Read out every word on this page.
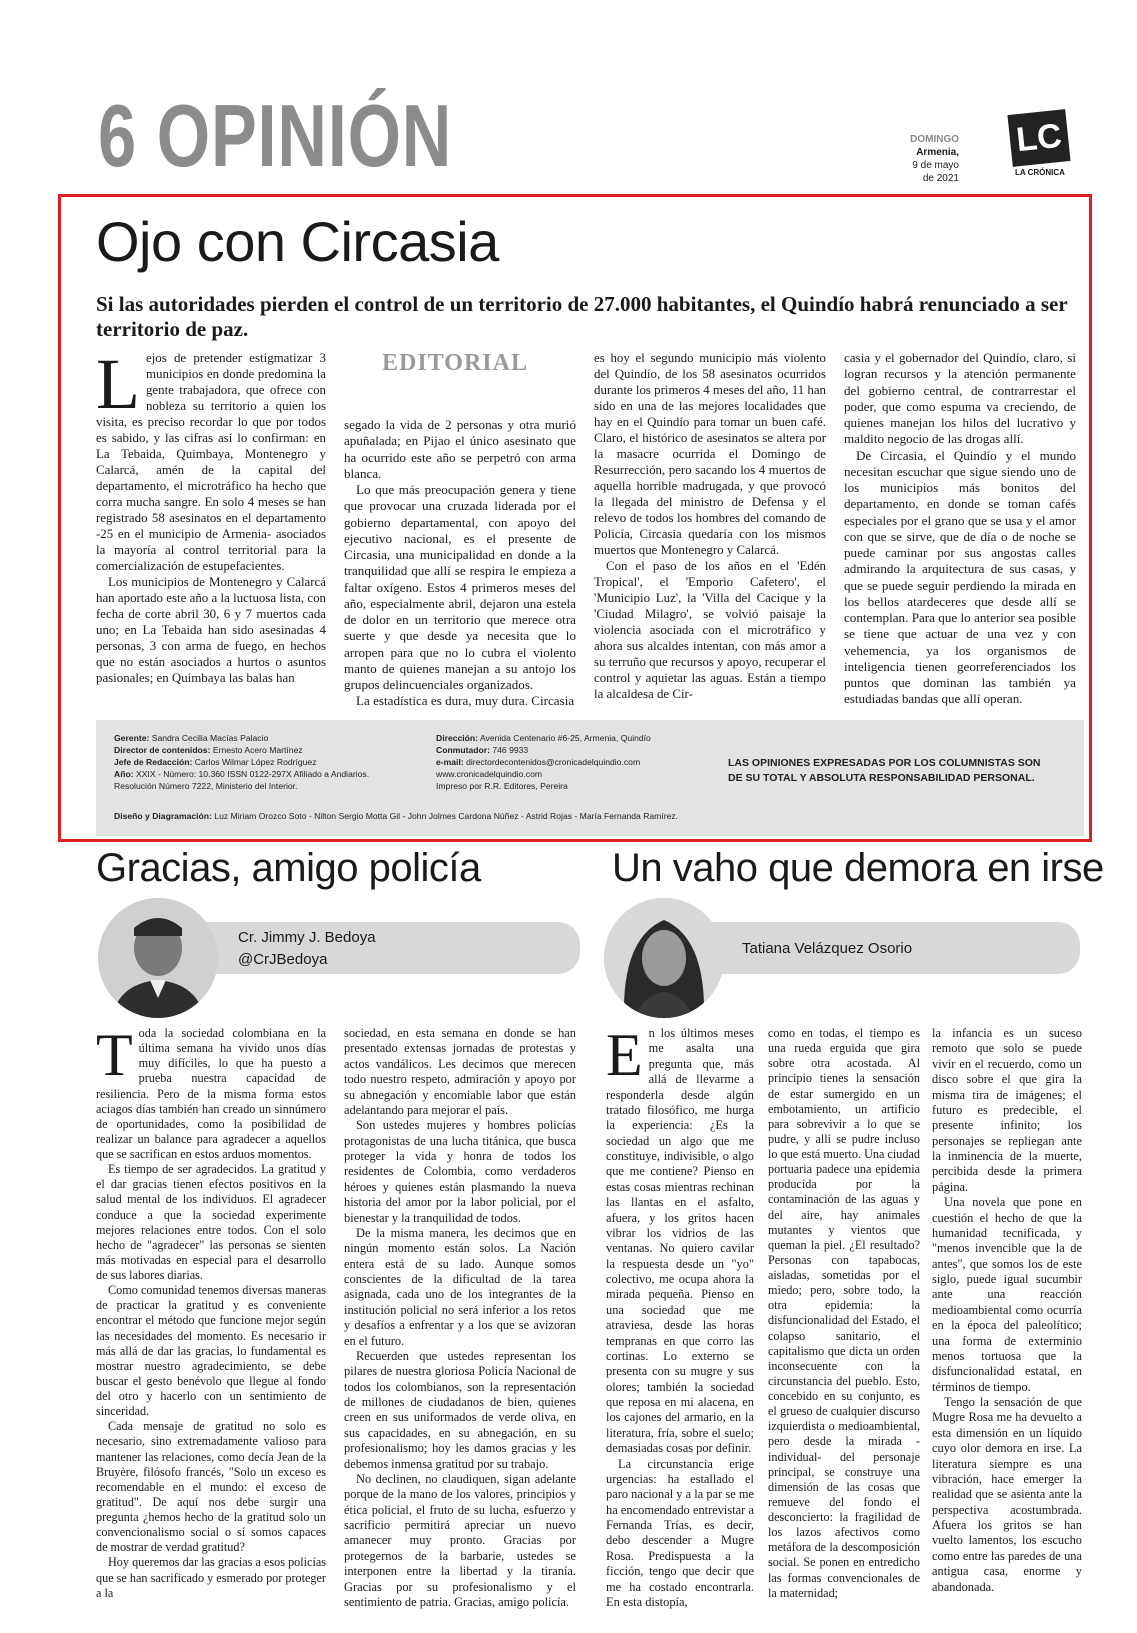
6 OPINIÓN	DOMINGO
Armenia,
9 de mayo
de 2021
LC
LA CRÓNICA
Ojo con Circasia
Si las autoridades pierden el control de un territorio de 27.000 habitantes, el Quindío habrá renunciado a ser territorio de paz.
EDITORIAL
L ejos de pretender estigmatizar 3 municipios en donde predomina la gente trabajadora, que ofrece con nobleza su territorio a quien los visita, es preciso recordar lo que por todos es sabido, y las cifras así lo confirman: en La Tebaida, Quimbaya, Montenegro y Calarcá, amén de la capital del departamento, el microtráfico ha hecho que corra mucha sangre. En solo 4 meses se han registrado 58 asesinatos en el departamento -25 en el municipio de Armenia- asociados la mayoría al control territorial para la comercialización de estupefacientes.

Los municipios de Montenegro y Calarcá han aportado este año a la luctuosa lista, con fecha de corte abril 30, 6 y 7 muertos cada uno; en La Tebaida han sido asesinadas 4 personas, 3 con arma de fuego, en hechos que no están asociados a hurtos o asuntos pasionales; en Quimbaya las balas han

segado la vida de 2 personas y otra murió apuñalada; en Pijao el único asesinato que ha ocurrido este año se perpetró con arma blanca.

Lo que más preocupación genera y tiene que provocar una cruzada liderada por el gobierno departamental, con apoyo del ejecutivo nacional, es el presente de Circasia, una municipalidad en donde a la tranquilidad que allí se respira le empieza a faltar oxígeno. Estos 4 primeros meses del año, especialmente abril, dejaron una estela de dolor en un territorio que merece otra suerte y que desde ya necesita que lo arropen para que no lo cubra el violento manto de quienes manejan a su antojo los grupos delincuenciales organizados.

La estadística es dura, muy dura. Circasia

es hoy el segundo municipio más violento del Quindío, de los 58 asesinatos ocurridos durante los primeros 4 meses del año, 11 han sido en una de las mejores localidades que hay en el Quindío para tomar un buen café. Claro, el histórico de asesinatos se altera por la masacre ocurrida el Domingo de Resurrección, pero sacando los 4 muertos de aquella horrible madrugada, y que provocó la llegada del ministro de Defensa y el relevo de todos los hombres del comando de Policía, Circasia quedaría con los mismos muertos que Montenegro y Calarcá.

Con el paso de los años en el 'Edén Tropical', el 'Emporio Cafetero', el 'Municipio Luz', la 'Villa del Cacique y la 'Ciudad Milagro', se volvió paisaje la violencia asociada con el microtráfico y ahora sus alcaldes intentan, con más amor a su terruño que recursos y apoyo, recuperar el control y aquietar las aguas. Están a tiempo la alcaldesa de Cir-

casia y el gobernador del Quindío, claro, si logran recursos y la atención permanente del gobierno central, de contrarrestar el poder, que como espuma va creciendo, de quienes manejan los hilos del lucrativo y maldito negocio de las drogas allí.

De Circasia, el Quindío y el mundo necesitan escuchar que sigue siendo uno de los municipios más bonitos del departamento, en donde se toman cafés especiales por el grano que se usa y el amor con que se sirve, que de día o de noche se puede caminar por sus angostas calles admirando la arquitectura de sus casas, y que se puede seguir perdiendo la mirada en los bellos atardeceres que desde allí se contemplan. Para que lo anterior sea posible se tiene que actuar de una vez y con vehemencia, ya los organismos de inteligencia tienen georreferenciados los puntos que dominan las también ya estudiadas bandas que allí operan.

Gerente: Sandra Cecilia Macías Palacio
Director de contenidos: Ernesto Acero Martínez
Jefe de Redacción: Carlos Wilmar López Rodríguez
Año: XXIX - Número: 10.360 ISSN 0122-297X Afiliado a Andiarios.
Resolución Número 7222, Ministerio del Interior.
Dirección: Avenida Centenario #6-25, Armenia, Quindío
Conmutador: 746 9933
e-mail: directordecontenidos@cronicadelquindio.com
www.cronicadelquindio.com
Impreso por R.R. Editores, Pereira
LAS OPINIONES EXPRESADAS POR LOS COLUMNISTAS SON DE SU TOTAL Y ABSOLUTA RESPONSABILIDAD PERSONAL.
Diseño y Diagramación: Luz Miriam Orozco Soto - Nilton Sergio Motta Gil - John Jolmes Cardona Núñez - Astrid Rojas - María Fernanda Ramírez.
Gracias, amigo policía
Cr. Jimmy J. Bedoya
@CrJBedoya
T oda la sociedad colombiana en la última semana ha vivido unos días muy difíciles, lo que ha puesto a prueba nuestra capacidad de resiliencia. Pero de la misma forma estos aciagos días también han creado un sinnúmero de oportunidades, como la posibilidad de realizar un balance para agradecer a aquellos que se sacrifican en estos arduos momentos.

Es tiempo de ser agradecidos. La gratitud y el dar gracias tienen efectos positivos en la salud mental de los individuos. El agradecer conduce a que la sociedad experimente mejores relaciones entre todos. Con el solo hecho de "agradecer" las personas se sienten más motivadas en especial para el desarrollo de sus labores diarias.

Como comunidad tenemos diversas maneras de practicar la gratitud y es conveniente encontrar el método que funcione mejor según las necesidades del momento. Es necesario ir más allá de dar las gracias, lo fundamental es mostrar nuestro agradecimiento, se debe buscar el gesto benévolo que llegue al fondo del otro y hacerlo con un sentimiento de sinceridad.

Cada mensaje de gratitud no solo es necesario, sino extremadamente valioso para mantener las relaciones, como decía Jean de la Bruyère, filósofo francés, "Solo un exceso es recomendable en el mundo: el exceso de gratitud". De aquí nos debe surgir una pregunta ¿hemos hecho de la gratitud solo un convencionalismo social o sí somos capaces de mostrar de verdad gratitud?

Hoy queremos dar las gracias a esos policías que se han sacrificado y esmerado por proteger a la

sociedad, en esta semana en donde se han presentado extensas jornadas de protestas y actos vandálicos. Les decimos que merecen todo nuestro respeto, admiración y apoyo por su abnegación y encomiable labor que están adelantando para mejorar el país.

Son ustedes mujeres y hombres policías protagonistas de una lucha titánica, que busca proteger la vida y honra de todos los residentes de Colombia, como verdaderos héroes y quienes están plasmando la nueva historia del amor por la labor policial, por el bienestar y la tranquilidad de todos.

De la misma manera, les decimos que en ningún momento están solos. La Nación entera está de su lado. Aunque somos conscientes de la dificultad de la tarea asignada, cada uno de los integrantes de la institución policial no será inferior a los retos y desafíos a enfrentar y a los que se avizoran en el futuro.

Recuerden que ustedes representan los pilares de nuestra gloriosa Policía Nacional de todos los colombianos, son la representación de millones de ciudadanos de bien, quienes creen en sus uniformados de verde oliva, en sus capacidades, en su abnegación, en su profesionalismo; hoy les damos gracias y les debemos inmensa gratitud por su trabajo.

No declinen, no claudiquen, sigan adelante porque de la mano de los valores, principios y ética policial, el fruto de su lucha, esfuerzo y sacrificio permitirá apreciar un nuevo amanecer muy pronto. Gracias por protegernos de la barbarie, ustedes se interponen entre la libertad y la tiranía. Gracias por su profesionalismo y el sentimiento de patria. Gracias, amigo policía.

Un vaho que demora en irse
Tatiana Velázquez Osorio
E n los últimos meses me asalta una pregunta que, más allá de llevarme a responderla desde algún tratado filosófico, me hurga la experiencia: ¿Es la sociedad un algo que me constituye, indivisible, o algo que me contiene? Pienso en estas cosas mientras rechinan las llantas en el asfalto, afuera, y los gritos hacen vibrar los vidrios de las ventanas. No quiero cavilar la respuesta desde un "yo" colectivo, me ocupa ahora la mirada pequeña. Pienso en una sociedad que me atraviesa, desde las horas tempranas en que corro las cortinas. Lo externo se presenta con su mugre y sus olores; también la sociedad que reposa en mi alacena, en los cajones del armario, en la literatura, fría, sobre el suelo; demasiadas cosas por definir.

La circunstancia erige urgencias: ha estallado el paro nacional y a la par se me ha encomendado entrevistar a Fernanda Trías, es decir, debo descender a Mugre Rosa. Predispuesta a la ficción, tengo que decir que me ha costado encontrarla. En esta distopía,

como en todas, el tiempo es una rueda erguida que gira sobre otra acostada. Al principio tienes la sensación de estar sumergido en un embotamiento, un artificio para sobrevivir a lo que se pudre, y allí se pudre incluso lo que está muerto. Una ciudad portuaria padece una epidemia producida por la contaminación de las aguas y del aire, hay animales mutantes y vientos que queman la piel. ¿El resultado? Personas con tapabocas, aisladas, sometidas por el miedo; pero, sobre todo, la otra epidemia: la disfuncionalidad del Estado, el colapso sanitario, el capitalismo que dicta un orden inconsecuente con la circunstancia del pueblo. Esto, concebido en su conjunto, es el grueso de cualquier discurso izquierdista o medioambiental, pero desde la mirada -individual- del personaje principal, se construye una dimensión de las cosas que remueve del fondo el desconcierto: la fragilidad de los lazos afectivos como metáfora de la descomposición social. Se ponen en entredicho las formas convencionales de la maternidad;

la infancia es un suceso remoto que solo se puede vivir en el recuerdo, como un disco sobre el que gira la misma tira de imágenes; el futuro es predecible, el presente infinito; los personajes se repliegan ante la inminencia de la muerte, percibida desde la primera página.

Una novela que pone en cuestión el hecho de que la humanidad tecnificada, y "menos invencible que la de antes", que somos los de este siglo, puede igual sucumbir ante una reacción medioambiental como ocurría en la época del paleolítico; una forma de exterminio menos tortuosa que la disfuncionalidad estatal, en términos de tiempo.

Tengo la sensación de que Mugre Rosa me ha devuelto a esta dimensión en un líquido cuyo olor demora en irse. La literatura siempre es una vibración, hace emerger la realidad que se asienta ante la perspectiva acostumbrada. Afuera los gritos se han vuelto lamentos, los escucho como entre las paredes de una antigua casa, enorme y abandonada.
